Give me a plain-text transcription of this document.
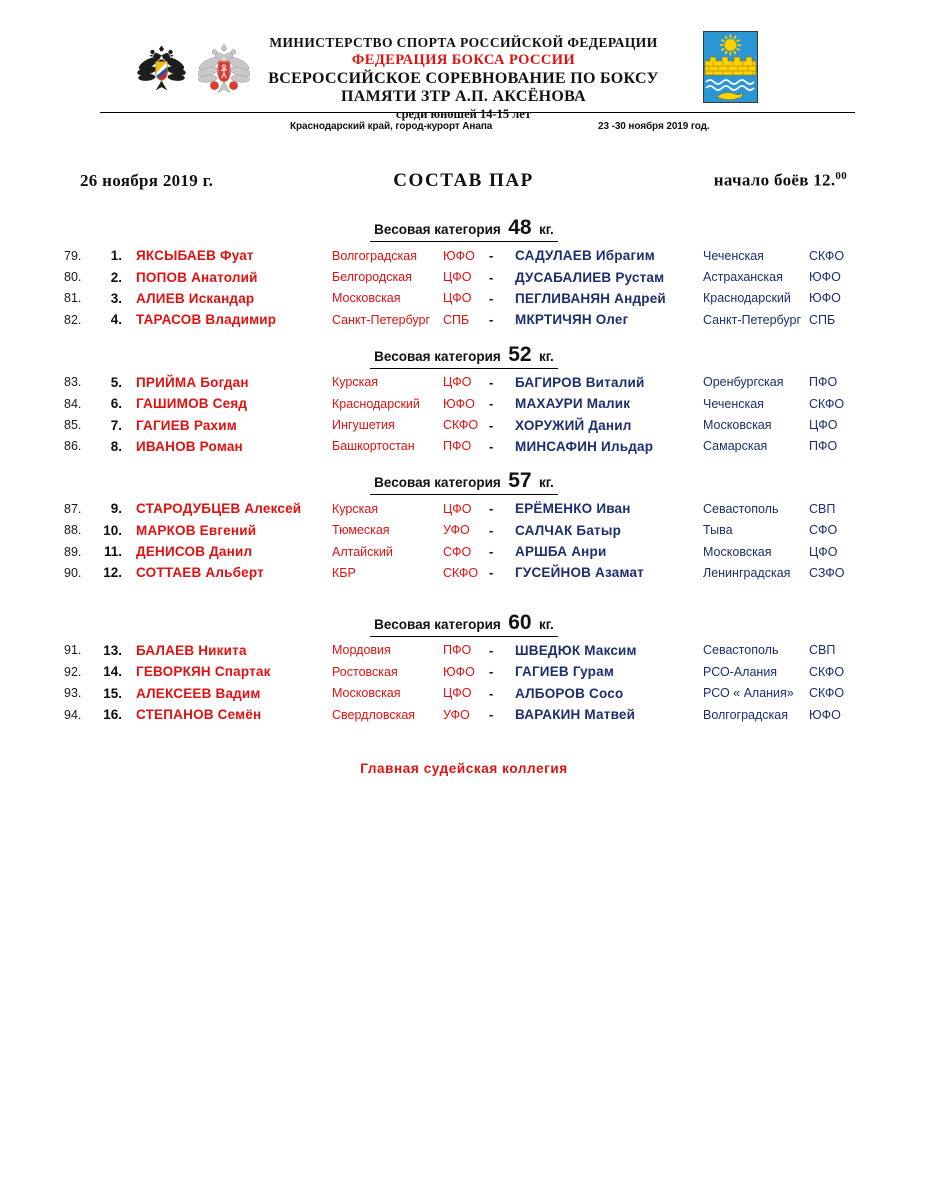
МИНИСТЕРСТВО СПОРТА РОССИЙСКОЙ ФЕДЕРАЦИИ
ФЕДЕРАЦИЯ БОКСА РОССИИ
ВСЕРОССИЙСКОЕ СОРЕВНОВАНИЕ ПО БОКСУ
ПАМЯТИ ЗТР А.П. АКСЁНОВА
среди юношей 14-15 лет
Краснодарский край, город-курорт Анапа	23 -30 ноября 2019 год.
26 ноября 2019 г.	СОСТАВ ПАР	начало боёв 12.00
Весовая категория 48 кг.
79.	1.	ЯКСЫБАЕВ Фуат	Волгоградская	ЮФО	-	САДУЛАЕВ Ибрагим	Чеченская	СКФО
80.	2.	ПОПОВ Анатолий	Белгородская	ЦФО	-	ДУСАБАЛИЕВ Рустам	Астраханская	ЮФО
81.	3.	АЛИЕВ Искандар	Московская	ЦФО	-	ПЕГЛИВАНЯН Андрей	Краснодарский	ЮФО
82.	4.	ТАРАСОВ Владимир	Санкт-Петербург	СПБ	-	МКРТИЧЯН Олег	Санкт-Петербург СПБ
Весовая категория 52 кг.
83.	5.	ПРИЙМА Богдан	Курская	ЦФО	-	БАГИРОВ Виталий	Оренбургская	ПФО
84.	6.	ГАШИМОВ Сеяд	Краснодарский	ЮФО	-	МАХАУРИ Малик	Чеченская	СКФО
85.	7.	ГАГИЕВ Рахим	Ингушетия	СКФО -	ХОРУЖИЙ Данил	Московская	ЦФО
86.	8.	ИВАНОВ Роман	Башкортостан	ПФО	-	МИНСАФИН Ильдар	Самарская	ПФО
Весовая категория 57 кг.
87.	9.	СТАРОДУБЦЕВ Алексей	Курская	ЦФО	-	ЕРЁМЕНКО Иван	Севастополь	СВП
88.	10.	МАРКОВ Евгений	Тюмеская	УФО	-	САЛЧАК Батыр	Тыва	СФО
89.	11.	ДЕНИСОВ Данил	Алтайский	СФО	-	АРШБА Анри	Московская	ЦФО
90.	12.	СОТТАЕВ Альберт	КБР	СКФО -	ГУСЕЙНОВ Азамат	Ленинградская	СЗФО
Весовая категория 60 кг.
91.	13.	БАЛАЕВ Никита	Мордовия	ПФО	-	ШВЕДЮК Максим	Севастополь	СВП
92.	14.	ГЕВОРКЯН Спартак	Ростовская	ЮФО	-	ГАГИЕВ Гурам	РСО-Алания	СКФО
93.	15.	АЛЕКСЕЕВ Вадим	Московская	ЦФО	-	АЛБОРОВ Сосо	РСО « Алания»	СКФО
94.	16.	СТЕПАНОВ Семён	Свердловская	УФО	-	ВАРАКИН Матвей	Волгоградская	ЮФО
Главная судейская коллегия
